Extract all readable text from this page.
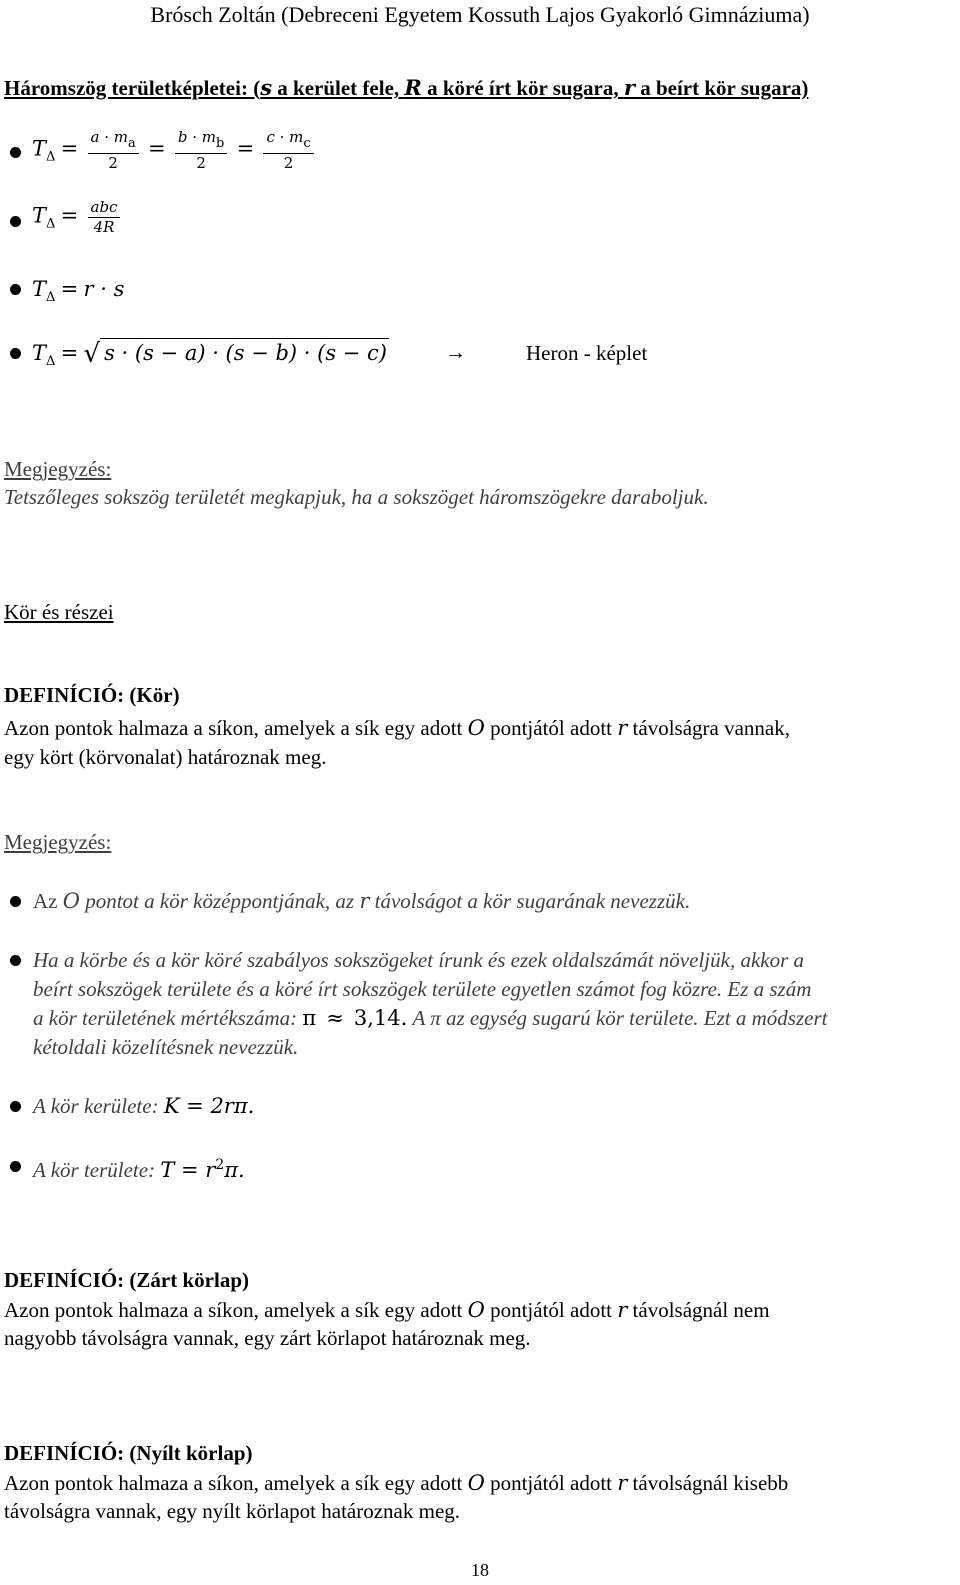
Brósch Zoltán (Debreceni Egyetem Kossuth Lajos Gyakorló Gimnáziuma)
Háromszög területképletei: (s a kerület fele, R a köré írt kör sugara, r a beírt kör sugara)
$T_\Delta = \frac{a \cdot ma}{2} = \frac{b \cdot mb}{2} = \frac{c \cdot mc}{2}$
$T_\Delta = \frac{\text{abc}}{4R}$
$T_\Delta = r \cdot s$
$T_\Delta$ = √ s · (s − a) · (s − b) · (s − c)	→	Heron - képlet
Megjegyzés:
Tetszőleges sokszög területét megkapjuk, ha a sokszöget háromszögekre daraboljuk.
Kör és részei
DEFINÍCIÓ: (Kör)
Azon pontok halmaza a síkon, amelyek a sík egy adott O pontjától adott r távolságra vannak,
egy kört (körvonalat) határoznak meg.
Megjegyzés:
Az O pontot a kör középpontjának, az r távolságot a kör sugarának nevezzük.
Ha a körbe és a kör köré szabályos sokszögeket írunk és ezek oldalszámát növeljük, akkor a
beírt sokszögek területe és a köré írt sokszögek területe egyetlen számot fog közre. Ez a szám
a kör területének mértékszáma: π ≈ 3,14. A π az egység sugarú kör területe. Ezt a módszert
kétoldali közelítésnek nevezzük.
A kör kerülete: K = 2rπ.
A kör területe: $T = r^2\pi$.
DEFINÍCIÓ: (Zárt körlap)
Azon pontok halmaza a síkon, amelyek a sík egy adott O pontjától adott r távolságnál nem
nagyobb távolságra vannak, egy zárt körlapot határoznak meg.
DEFINÍCIÓ: (Nyílt körlap)
Azon pontok halmaza a síkon, amelyek a sík egy adott O pontjától adott r távolságnál kisebb
távolságra vannak, egy nyílt körlapot határoznak meg.
18
